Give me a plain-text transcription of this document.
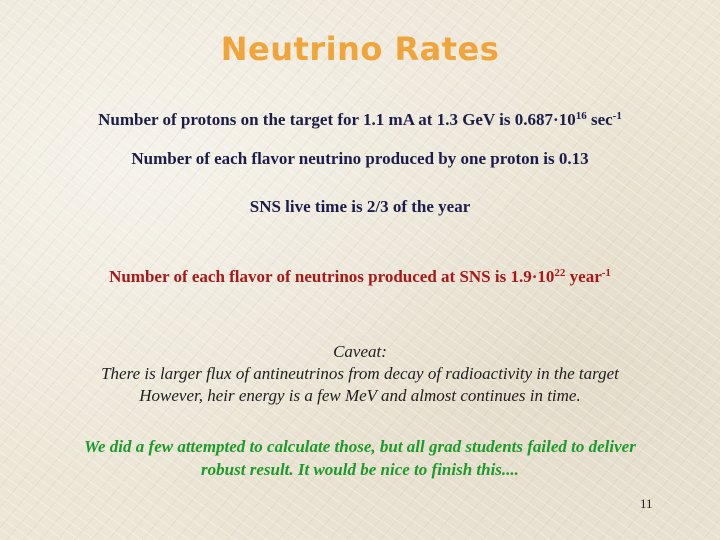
Neutrino Rates
Number of protons on the target for 1.1 mA at 1.3 GeV is $0.687\cdot 10^{16}$ $\sec^{-1}$
Number of each flavor neutrino produced by one proton is 0.13
SNS live time is 2/3 of the year
Number of each flavor of neutrinos produced at SNS is $1.9\cdot 10^{22}$ year$^{-1}$
Caveat:
There is larger flux of antineutrinos from decay of radioactivity in the target
However, heir energy is a few MeV and almost continues in time.
We did a few attempted to calculate those, but all grad students failed to deliver
robust result. It would be nice to finish this....
11
